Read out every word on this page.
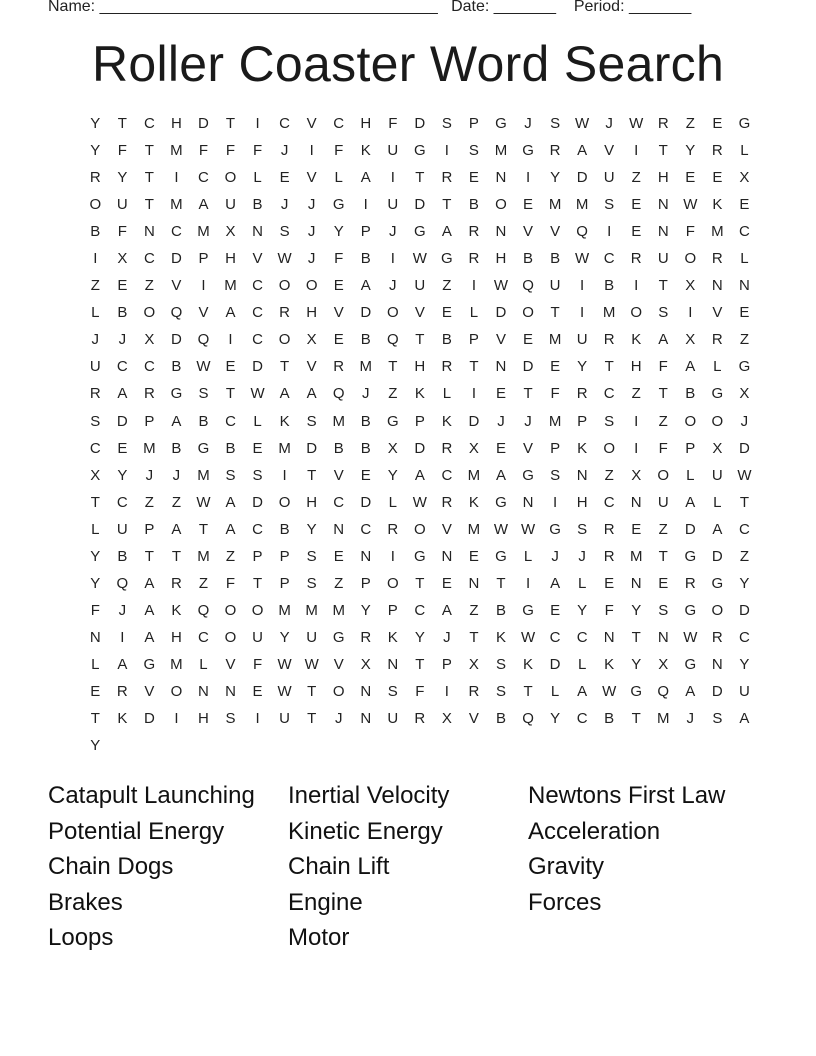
Name: ______________________________________ Date: _______ Period: _______
Roller Coaster Word Search
Y	T	C	H	D	T	I	C	V	C	H	F	D	S	P	G	J	S W	J	W R	Z	E	G
Y	F	T	M	F	F	F	J	I	F	K	U	G	I	S	M G	R	A	V	I	T	Y	R	L
R	Y	T	I	C	O	L	E	V	L	A	I	T	R	E	N	I	Y	D	U	Z	H	E	E	X
O	U	T	M	A	U	B	J	J	G	I	U	D	T	B	O	E	M M	S	E	N W K	E
B	F	N	C M	X	N	S	J	Y	P	J	G	A	R	N	V	V	Q	I	E	N	F	M C
I	X	C	D	P	H	V W	J	F	B	I	W G	R	H	B	B W C	R	U	O	R	L
Z	E	Z	V	I	M C	O O	E	A	J	U	Z	I	W Q	U	I	B	I	T	X	N	N
L	B	O Q	V	A	C	R	H	V	D	O	V	E	L	D	O	T	I	M O	S	I	V	E
J	J	X	D	Q	I	C	O	X	E	B	Q	T	B	P	V	E	M U	R	K	A	X	R	Z
U	C	C	B W E	D	T	V	R M	T	H	R	T	N	D	E	Y	T	H	F	A	L	G
R	A	R	G	S	T W A	A	Q	J	Z	K	L	I	E	T	F	R	C	Z	T	B	G	X
S	D	P	A	B	C	L	K	S	M	B	G	P	K	D	J	J	M	P	S	I	Z	O O	J
C	E	M	B	G	B	E	M D	B	B	X	D	R	X	E	V	P	K	O	I	F	P	X	D
X	Y	J	J	M	S	S	I	T	V	E	Y	A	C M	A	G	S	N	Z	X	O	L	U W
T	C	Z	Z W A	D	O	H	C	D	L	W R	K	G	N	I	H	C	N	U	A	L	T
L	U	P	A	T	A	C	B	Y	N	C	R	O	V	M W W G	S	R	E	Z	D	A	C
Y	B	T	T	M	Z	P	P	S	E	N	I	G	N	E	G	L	J	J	R M	T	G	D	Z
Y	Q	A	R	Z	F	T	P	S	Z	P	O	T	E	N	T	I	A	L	E	N	E	R	G	Y
F	J	A	K	Q O O M M M	Y	P	C	A	Z	B	G	E	Y	F	Y	S	G O	D
N	I	A	H	C	O	U	Y	U	G	R	K	Y	J	T	K W C	C	N	T	N W R	C
L	A	G M	L	V	F W W V	X	N	T	P	X	S	K	D	L	K	Y	X	G	N	Y
E	R	V	O	N	N	E W T	O	N	S	F	I	R	S	T	L	A W G Q	A	D	U
T	K	D	I	H	S	I	U	T	J	N	U	R	X	V	B	Q	Y	C	B	T	M	J	S	A
Y
Catapult Launching	Inertial Velocity	Newtons First Law
Potential Energy	Kinetic Energy	Acceleration
Chain Dogs	Chain Lift	Gravity
Brakes	Engine	Forces
Loops	Motor
